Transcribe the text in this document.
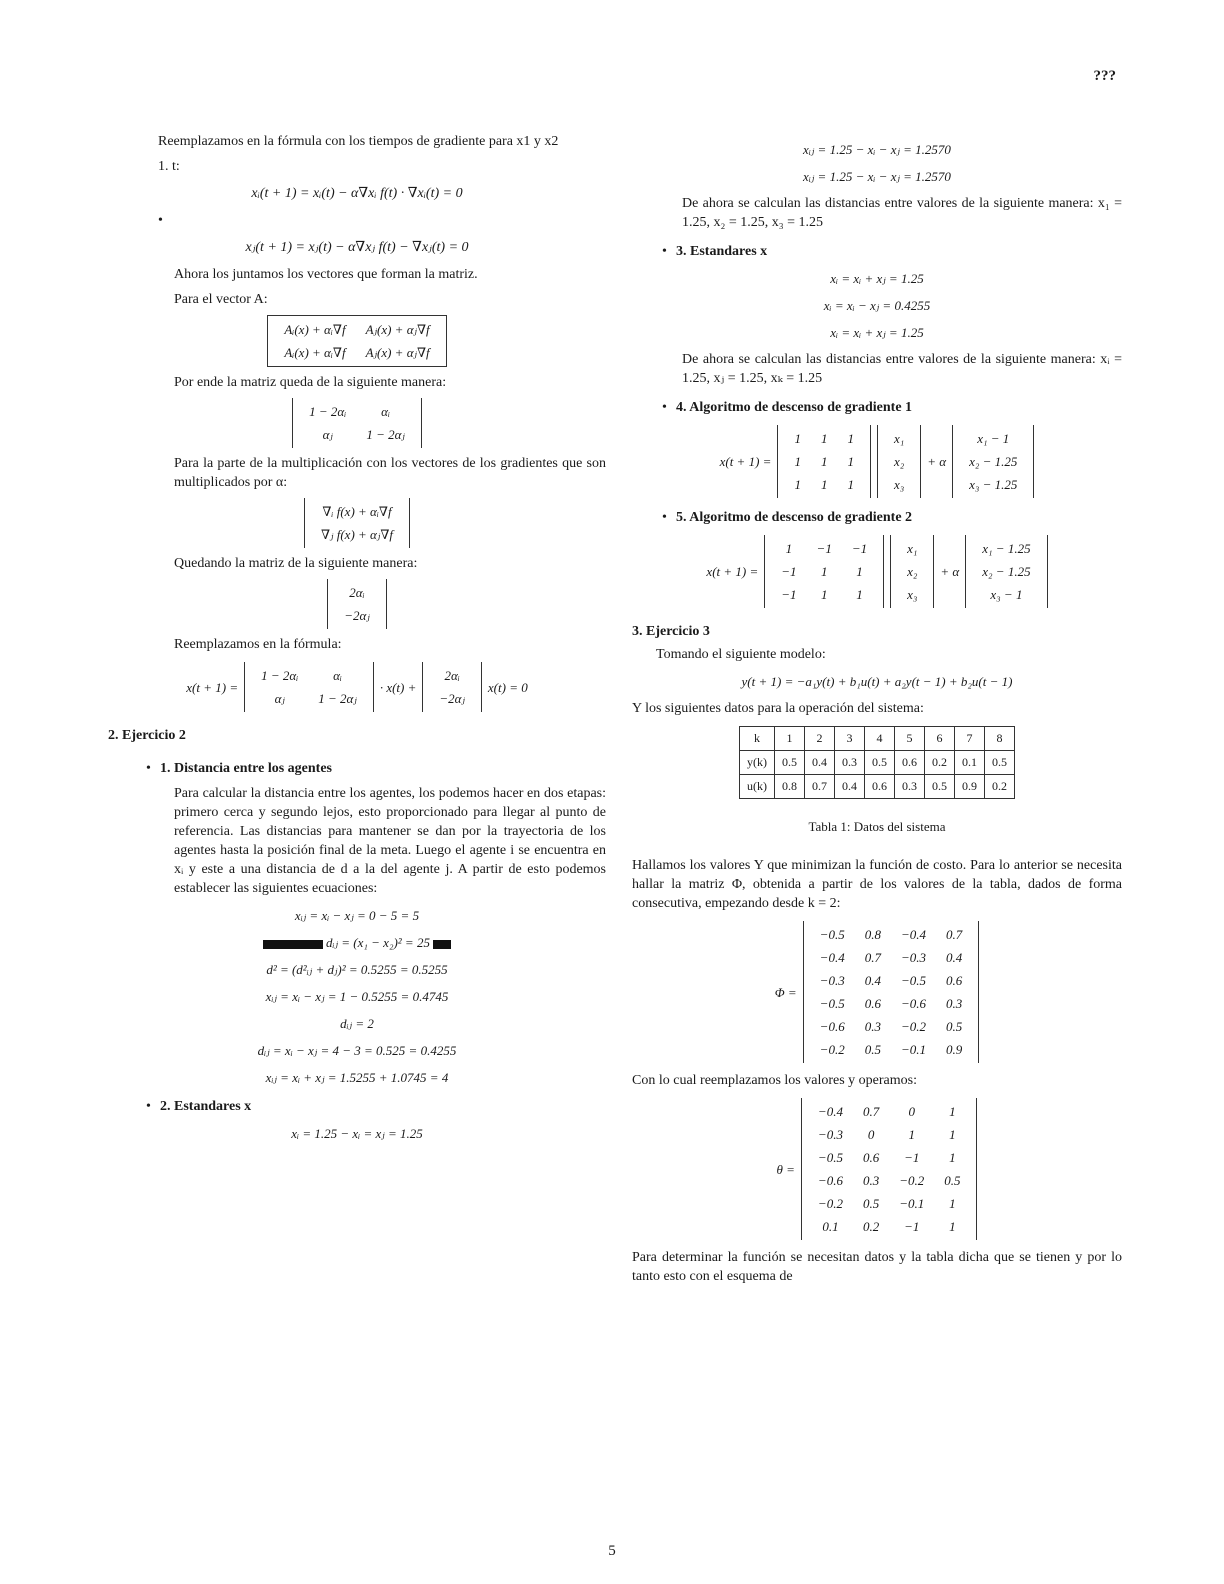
???

Reemplazamos en la fórmula con los tiempos de gradiente para x1 y x2

1. t:

xᵢ(t + 1) = xᵢ(t) − α∇xᵢ f(t) · ∇xᵢ(t) = 0

•

xⱼ(t + 1) = xⱼ(t) − α∇xⱼ f(t) − ∇xⱼ(t) = 0

Ahora los juntamos los vectores que forman la matriz.

Para el vector A:

Aᵢ(x) + αᵢ∇f	Aⱼ(x) + αⱼ∇f
Aᵢ(x) + αᵢ∇f	Aⱼ(x) + αⱼ∇f

Por ende la matriz queda de la siguiente manera:

1 − 2αᵢ	αᵢ
αⱼ	1 − 2αⱼ

Para la parte de la multiplicación con los vectores de los gradientes que son multiplicados por α:

∇ᵢ f(x) + αᵢ∇f
∇ⱼ f(x) + αⱼ∇f

Quedando la matriz de la siguiente manera:

2αᵢ
−2αⱼ

Reemplazamos en la fórmula:

x(t + 1) =
1 − 2αᵢ	αᵢ
αⱼ	1 − 2αⱼ
· x(t) +
2αᵢ
−2αⱼ
x(t) = 0
2. Ejercicio 2
• 1. Distancia entre los agentes

Para calcular la distancia entre los agentes, los podemos hacer en dos etapas: primero cerca y segundo lejos, esto proporcionado para llegar al punto de referencia. Las distancias para mantener se dan por la trayectoria de los agentes hasta la posición final de la meta. Luego el agente i se encuentra en xᵢ y este a una distancia de d a la del agente j. A partir de esto podemos establecer las siguientes ecuaciones:

xᵢⱼ = xᵢ − xⱼ = 0 − 5 = 5
dᵢⱼ = (x₁ − x₂)² = 25
d² = (d²ᵢⱼ + dⱼ)² = 0.5255 = 0.5255
xᵢⱼ = xᵢ − xⱼ = 1 − 0.5255 = 0.4745
dᵢⱼ = 2
dᵢⱼ = xᵢ − xⱼ = 4 − 3 = 0.525 = 0.4255
xᵢⱼ = xᵢ + xⱼ = 1.5255 + 1.0745 = 4
• 2. Estandares x
xᵢ = 1.25 − xᵢ = xⱼ = 1.25
xᵢⱼ = 1.25 − xᵢ − xⱼ = 1.2570
xᵢⱼ = 1.25 − xᵢ − xⱼ = 1.2570

De ahora se calculan las distancias entre valores de la siguiente manera: x₁ = 1.25, x₂ = 1.25, x₃ = 1.25

• 3. Estandares x
xᵢ = xᵢ + xⱼ = 1.25
xᵢ = xᵢ − xⱼ = 0.4255
xᵢ = xᵢ + xⱼ = 1.25

De ahora se calculan las distancias entre valores de la siguiente manera: xᵢ = 1.25, xⱼ = 1.25, xₖ = 1.25

• 4. Algoritmo de descenso de gradiente 1
x(t + 1) =
1	1	1
1	1	1
1	1	1
x₁
x₂
x₃
+ α
x₁ − 1
x₂ − 1.25
x₃ − 1.25
• 5. Algoritmo de descenso de gradiente 2
x(t + 1) =
1	−1	−1
−1	1	1
−1	1	1
x₁
x₂
x₃
+ α
x₁ − 1.25
x₂ − 1.25
x₃ − 1
3. Ejercicio 3

Tomando el siguiente modelo:

y(t + 1) = −a₁y(t) + b₁u(t) + a₂y(t − 1) + b₂u(t − 1)

Y los siguientes datos para la operación del sistema:

k	1	2	3	4	5	6	7	8
y(k)	0.5	0.4	0.3	0.5	0.6	0.2	0.1	0.5
u(k)	0.8	0.7	0.4	0.6	0.3	0.5	0.9	0.2
Tabla 1: Datos del sistema

Hallamos los valores Y que minimizan la función de costo. Para lo anterior se necesita hallar la matriz Φ, obtenida a partir de los valores de la tabla, dados de forma consecutiva, empezando desde k = 2:

Φ =
−0.5	0.8	−0.4	0.7
−0.4	0.7	−0.3	0.4
−0.3	0.4	−0.5	0.6
−0.5	0.6	−0.6	0.3
−0.6	0.3	−0.2	0.5
−0.2	0.5	−0.1	0.9

Con lo cual reemplazamos los valores y operamos:

θ =
−0.4	0.7	0	1
−0.3	0	1	1
−0.5	0.6	−1	1
−0.6	0.3	−0.2	0.5
−0.2	0.5	−0.1	1
0.1	0.2	−1	1

Para determinar la función se necesitan datos y la tabla dicha que se tienen y por lo tanto esto con el esquema de

5
